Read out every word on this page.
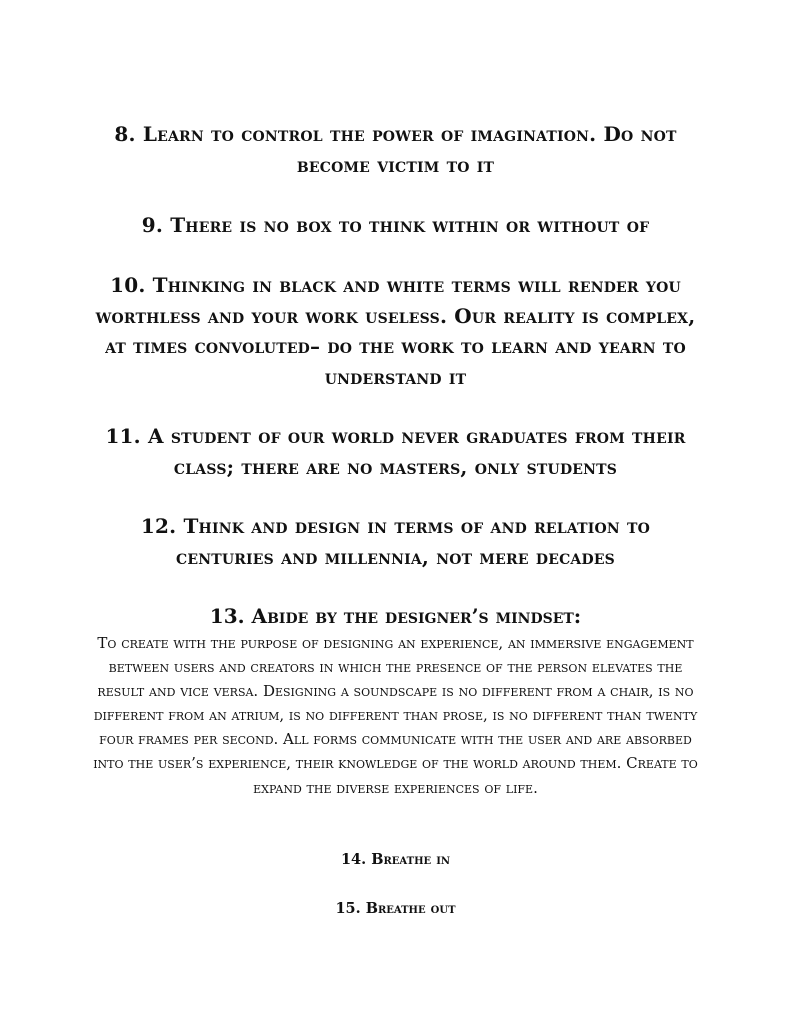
8. Learn to control the power of imagination. Do not become victim to it
9. There is no box to think within or without of
10. Thinking in black and white terms will render you worthless and your work useless. Our reality is complex, at times convoluted– do the work to learn and yearn to understand it
11. A student of our world never graduates from their class; there are no masters, only students
12. Think and design in terms of and relation to centuries and millennia, not mere decades
13. Abide by the designer’s mindset:
To create with the purpose of designing an experience, an immersive engagement between users and creators in which the presence of the person elevates the result and vice versa. Designing a soundscape is no different from a chair, is no different from an atrium, is no different than prose, is no different than twenty four frames per second. All forms communicate with the user and are absorbed into the user’s experience, their knowledge of the world around them. Create to expand the diverse experiences of life.
14. Breathe in
15. Breathe out
